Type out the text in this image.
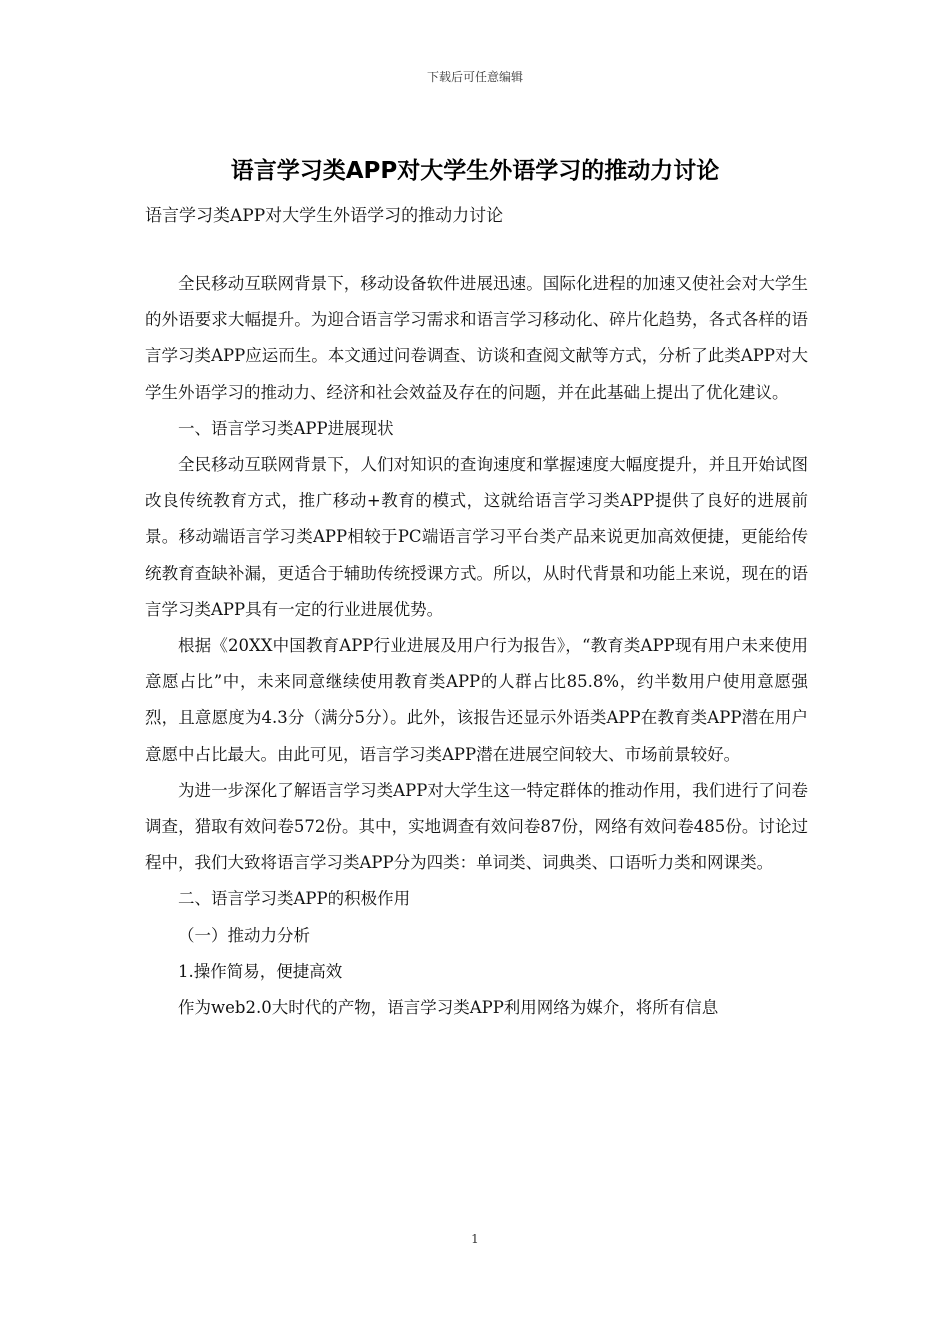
下载后可任意编辑
语言学习类APP对大学生外语学习的推动力讨论
语言学习类APP对大学生外语学习的推动力讨论

全民移动互联网背景下，移动设备软件进展迅速。国际化进程的加速又使社会对大学生的外语要求大幅提升。为迎合语言学习需求和语言学习移动化、碎片化趋势，各式各样的语言学习类APP应运而生。本文通过问卷调查、访谈和查阅文献等方式，分析了此类APP对大学生外语学习的推动力、经济和社会效益及存在的问题，并在此基础上提出了优化建议。

一、语言学习类APP进展现状

全民移动互联网背景下，人们对知识的查询速度和掌握速度大幅度提升，并且开始试图改良传统教育方式，推广移动+教育的模式，这就给语言学习类APP提供了良好的进展前景。移动端语言学习类APP相较于PC端语言学习平台类产品来说更加高效便捷，更能给传统教育查缺补漏，更适合于辅助传统授课方式。所以，从时代背景和功能上来说，现在的语言学习类APP具有一定的行业进展优势。

根据《20XX中国教育APP行业进展及用户行为报告》，“教育类APP现有用户未来使用意愿占比”中，未来同意继续使用教育类APP的人群占比85.8%，约半数用户使用意愿强烈，且意愿度为4.3分（满分5分）。此外，该报告还显示外语类APP在教育类APP潜在用户意愿中占比最大。由此可见，语言学习类APP潜在进展空间较大、市场前景较好。

为进一步深化了解语言学习类APP对大学生这一特定群体的推动作用，我们进行了问卷调查，猎取有效问卷572份。其中，实地调查有效问卷87份，网络有效问卷485份。讨论过程中，我们大致将语言学习类APP分为四类：单词类、词典类、口语听力类和网课类。

二、语言学习类APP的积极作用

（一）推动力分析

1.操作简易，便捷高效

作为web2.0大时代的产物，语言学习类APP利用网络为媒介，将所有信息

1
